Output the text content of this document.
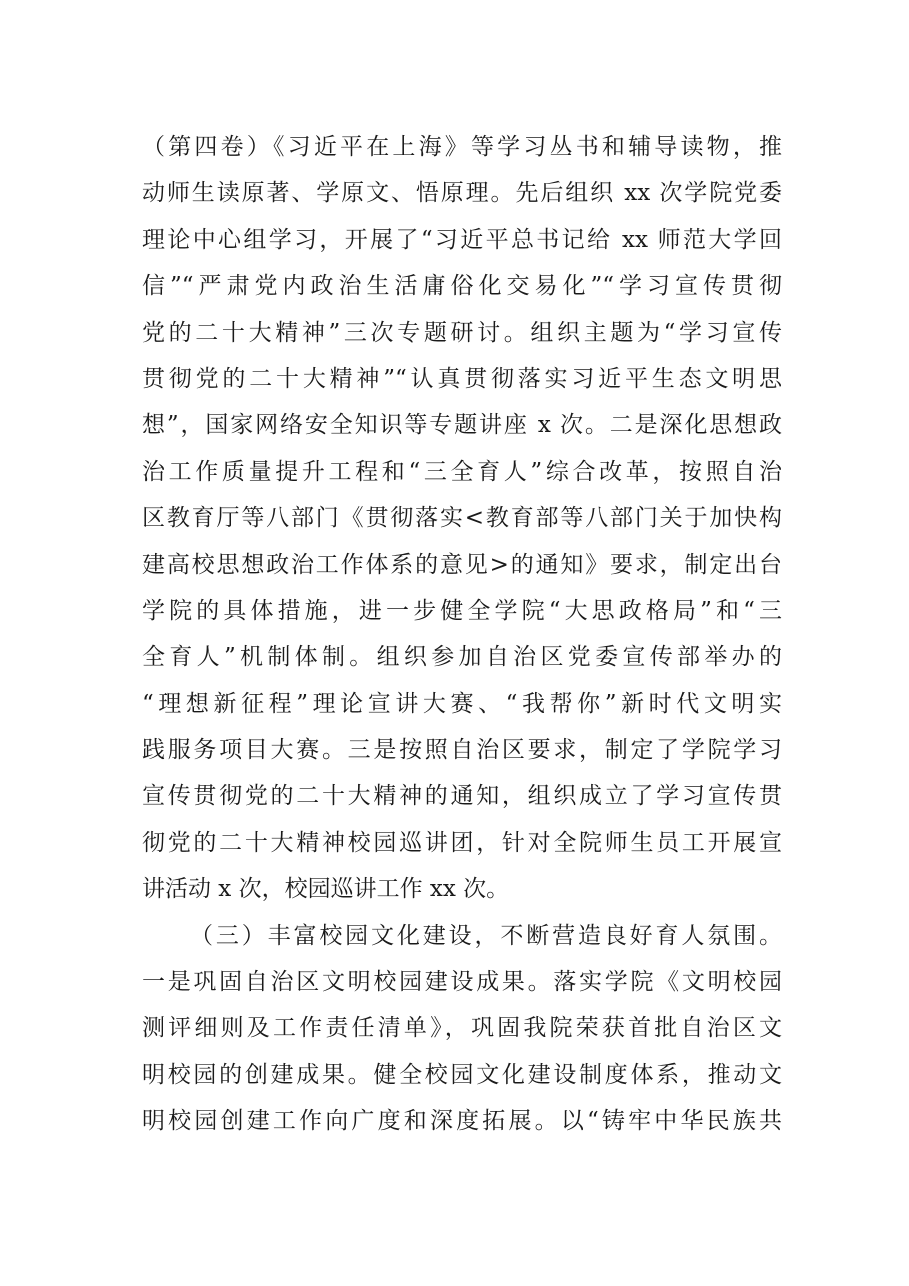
（第四卷）《习近平在上海》等学习丛书和辅导读物，推
动师生读原著、学原文、悟原理。先后组织 xx 次学院党委
理论中心组学习，开展了“习近平总书记给 xx 师范大学回
信”“严肃党内政治生活庸俗化交易化”“学习宣传贯彻
党的二十大精神”三次专题研讨。组织主题为“学习宣传
贯彻党的二十大精神”“认真贯彻落实习近平生态文明思
想”，国家网络安全知识等专题讲座 x 次。二是深化思想政
治工作质量提升工程和“三全育人”综合改革，按照自治
区教育厅等八部门《贯彻落实<教育部等八部门关于加快构
建高校思想政治工作体系的意见>的通知》要求，制定出台
学院的具体措施，进一步健全学院“大思政格局”和“三
全育人”机制体制。组织参加自治区党委宣传部举办的
“理想新征程”理论宣讲大赛、“我帮你”新时代文明实
践服务项目大赛。三是按照自治区要求，制定了学院学习
宣传贯彻党的二十大精神的通知，组织成立了学习宣传贯
彻党的二十大精神校园巡讲团，针对全院师生员工开展宣
讲活动 x 次，校园巡讲工作 xx 次。
（三）丰富校园文化建设，不断营造良好育人氛围。
一是巩固自治区文明校园建设成果。落实学院《文明校园
测评细则及工作责任清单》，巩固我院荣获首批自治区文
明校园的创建成果。健全校园文化建设制度体系，推动文
明校园创建工作向广度和深度拓展。以“铸牢中华民族共
